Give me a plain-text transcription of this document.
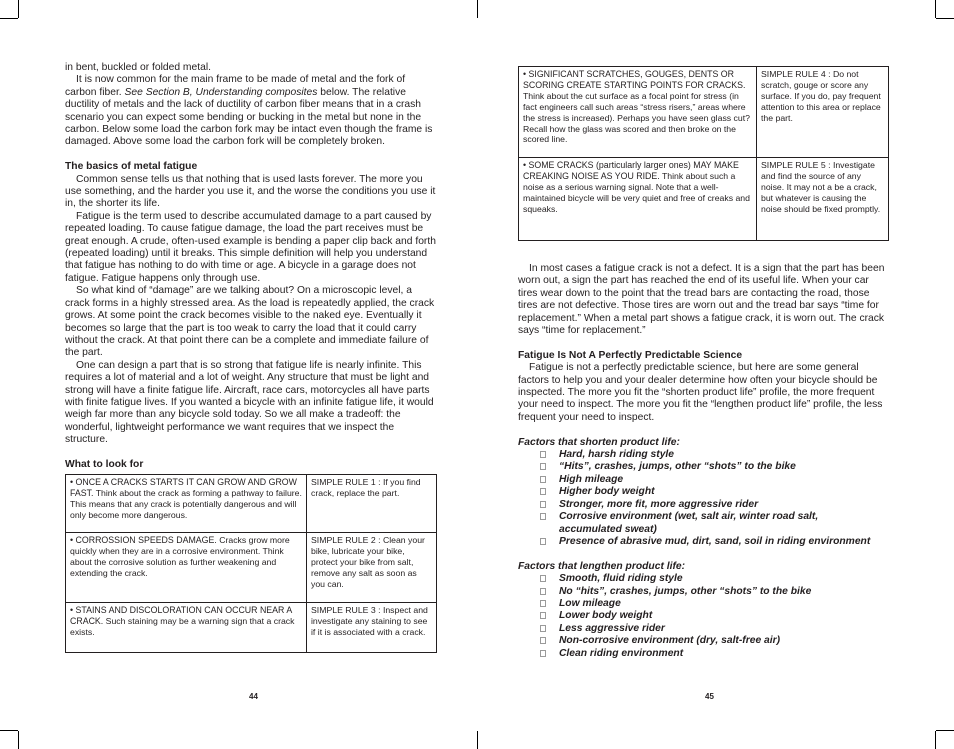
in bent, buckled or folded metal.

It is now common for the main frame to be made of metal and the fork of carbon fiber. See Section B, Understanding composites below. The relative ductility of metals and the lack of ductility of carbon fiber means that in a crash scenario you can expect some bending or bucking in the metal but none in the carbon. Below some load the carbon fork may be intact even though the frame is damaged. Above some load the carbon fork will be completely broken.

The basics of metal fatigue

Common sense tells us that nothing that is used lasts forever. The more you use something, and the harder you use it, and the worse the conditions you use it in, the shorter its life.

Fatigue is the term used to describe accumulated damage to a part caused by repeated loading. To cause fatigue damage, the load the part receives must be great enough. A crude, often-used example is bending a paper clip back and forth (repeated loading) until it breaks. This simple definition will help you understand that fatigue has nothing to do with time or age. A bicycle in a garage does not fatigue. Fatigue happens only through use.

So what kind of “damage” are we talking about? On a microscopic level, a crack forms in a highly stressed area. As the load is repeatedly applied, the crack grows. At some point the crack becomes visible to the naked eye. Eventually it becomes so large that the part is too weak to carry the load that it could carry without the crack. At that point there can be a complete and immediate failure of the part.

One can design a part that is so strong that fatigue life is nearly infinite. This requires a lot of material and a lot of weight. Any structure that must be light and strong will have a finite fatigue life. Aircraft, race cars, motorcycles all have parts with finite fatigue lives. If you wanted a bicycle with an infinite fatigue life, it would weigh far more than any bicycle sold today. So we all make a tradeoff: the wonderful, lightweight performance we want requires that we inspect the structure.

What to look for

• ONCE A CRACKS STARTS IT CAN GROW AND GROW FAST. Think about the crack as forming a pathway to failure. This means that any crack is potentially dangerous and will only become more dangerous.	SIMPLE RULE 1 : If you find crack, replace the part.
• CORROSSION SPEEDS DAMAGE. Cracks grow more quickly when they are in a corrosive environment. Think about the corrosive solution as further weakening and extending the crack.	SIMPLE RULE 2 : Clean your bike, lubricate your bike, protect your bike from salt, remove any salt as soon as you can.
• STAINS AND DISCOLORATION CAN OCCUR NEAR A CRACK. Such staining may be a warning sign that a crack exists.	SIMPLE RULE 3 : Inspect and investigate any staining to see if it is associated with a crack.
44
• SIGNIFICANT SCRATCHES, GOUGES, DENTS OR SCORING CREATE STARTING POINTS FOR CRACKS. Think about the cut surface as a focal point for stress (in fact engineers call such areas “stress risers,” areas where the stress is increased). Perhaps you have seen glass cut? Recall how the glass was scored and then broke on the scored line.	SIMPLE RULE 4 : Do not scratch, gouge or score any surface. If you do, pay frequent attention to this area or replace the part.
• SOME CRACKS (particularly larger ones) MAY MAKE CREAKING NOISE AS YOU RIDE. Think about such a noise as a serious warning signal. Note that a well-maintained bicycle will be very quiet and free of creaks and squeaks.	SIMPLE RULE 5 : Investigate and find the source of any noise. It may not a be a crack, but whatever is causing the noise should be fixed promptly.

In most cases a fatigue crack is not a defect. It is a sign that the part has been worn out, a sign the part has reached the end of its useful life. When your car tires wear down to the point that the tread bars are contacting the road, those tires are not defective. Those tires are worn out and the tread bar says “time for replacement.” When a metal part shows a fatigue crack, it is worn out. The crack says “time for replacement.”

Fatigue Is Not A Perfectly Predictable Science

Fatigue is not a perfectly predictable science, but here are some general factors to help you and your dealer determine how often your bicycle should be inspected. The more you fit the “shorten product life” profile, the more frequent your need to inspect. The more you fit the “lengthen product life” profile, the less frequent your need to inspect.

Factors that shorten product life:

Hard, harsh riding style

“Hits”, crashes, jumps, other “shots” to the bike

High mileage

Higher body weight

Stronger, more fit, more aggressive rider

Corrosive environment (wet, salt air, winter road salt, accumulated sweat)

Presence of abrasive mud, dirt, sand, soil in riding environment

Factors that lengthen product life:

Smooth, fluid riding style

No “hits”, crashes, jumps, other “shots” to the bike

Low mileage

Lower body weight

Less aggressive rider

Non-corrosive environment (dry, salt-free air)

Clean riding environment

45
